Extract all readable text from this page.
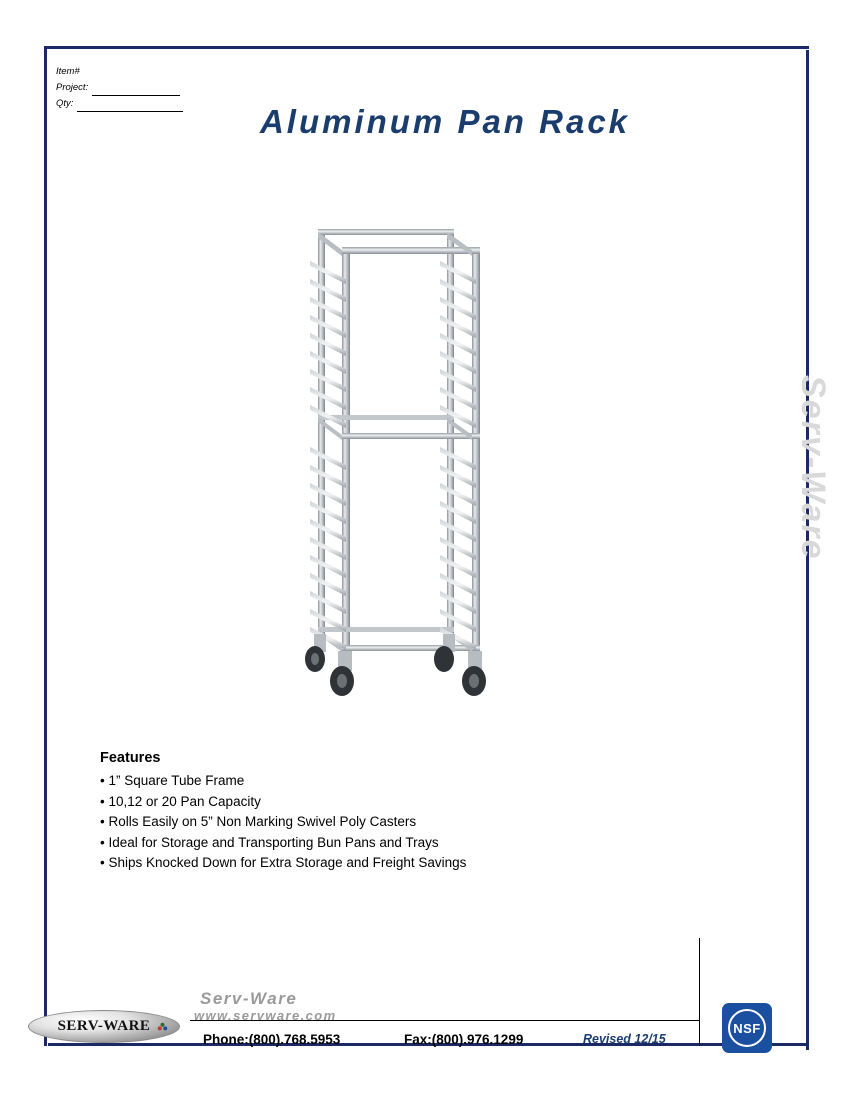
Item#
Project:
Qty:	Aluminum Pan Rack
Serv-Ware
Features
• 1” Square Tube Frame
• 10,12 or 20 Pan Capacity
• Rolls Easily on 5” Non Marking Swivel Poly Casters
• Ideal for Storage and Transporting Bun Pans and Trays
• Ships Knocked Down for Extra Storage and Freight Savings
SERV-WARE
Serv-Ware
www.servware.com
Phone:(800).768.5953	Fax:(800).976.1299	Revised 12/15
NSF
